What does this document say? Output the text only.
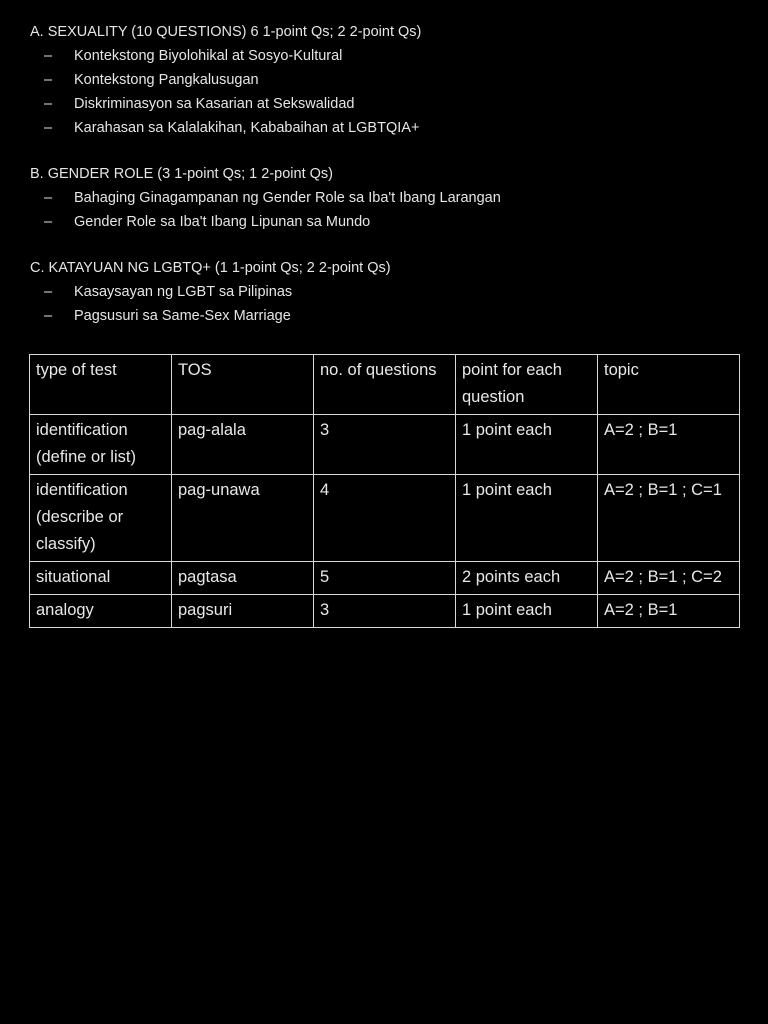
A. SEXUALITY (10 QUESTIONS) 6 1-point Qs; 2 2-point Qs)
– Kontekstong Biyolohikal at Sosyo-Kultural
– Kontekstong Pangkalusugan
– Diskriminasyon sa Kasarian at Sekswalidad
– Karahasan sa Kalalakihan, Kababaihan at LGBTQIA+
B. GENDER ROLE (3 1-point Qs; 1 2-point Qs)
– Bahaging Ginagampanan ng Gender Role sa Iba't Ibang Larangan
– Gender Role sa Iba't Ibang Lipunan sa Mundo
C. KATAYUAN NG LGBTQ+ (1 1-point Qs; 2 2-point Qs)
– Kasaysayan ng LGBT sa Pilipinas
– Pagsusuri sa Same-Sex Marriage
type of test	TOS	no. of questions	point for each question	topic
identification (define or list)	pag-alala	3	1 point each	A=2 ; B=1
identification (describe or classify)	pag-unawa	4	1 point each	A=2 ; B=1 ; C=1
situational	pagtasa	5	2 points each	A=2 ; B=1 ; C=2
analogy	pagsuri	3	1 point each	A=2 ; B=1
